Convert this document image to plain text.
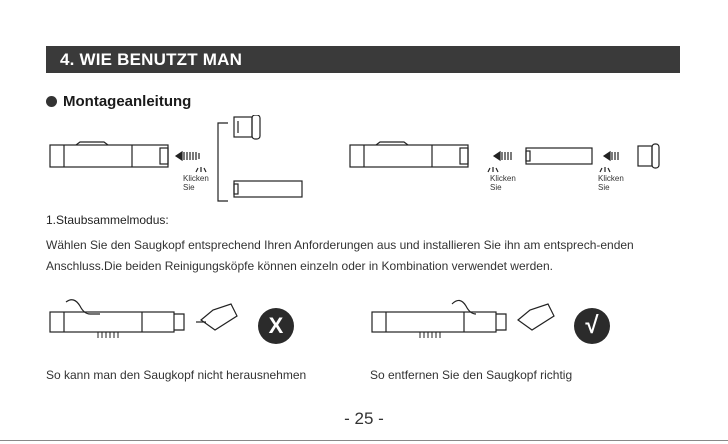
4. WIE BENUTZT MAN
Montageanleitung
Klicken
Sie
Klicken
Sie
Klicken
Sie
1.Staubsammelmodus:
Wählen Sie den Saugkopf entsprechend Ihren Anforderungen aus und installieren Sie ihn am entsprech-enden Anschluss.Die beiden Reinigungsköpfe können einzeln oder in Kombination verwendet werden.
X	√
So kann man den Saugkopf nicht herausnehmen	So entfernen Sie den Saugkopf richtig
- 25 -
